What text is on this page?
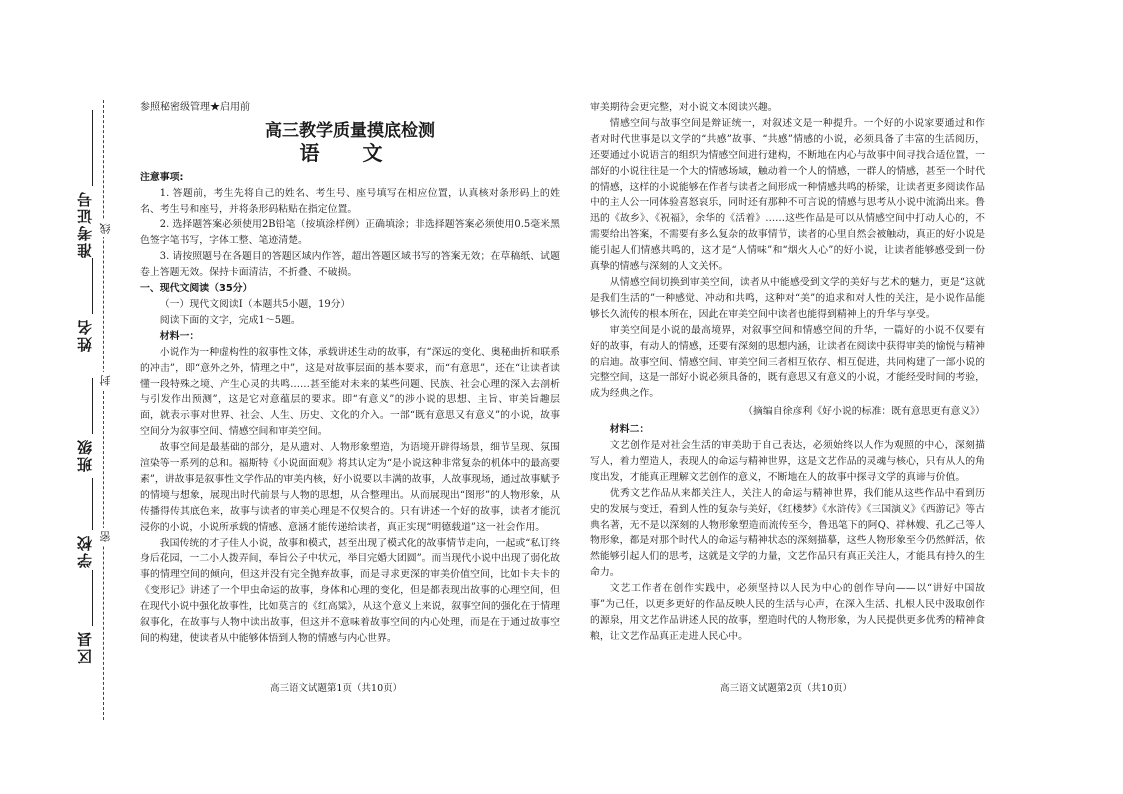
准考证号
姓名
班级
学校
区县
线
封
密
参照秘密级管理★启用前
高三教学质量摸底检测
语 文
注意事项:

1. 答题前，考生先将自己的姓名、考生号、座号填写在相应位置，认真核对条形码上的姓名、考生号和座号，并将条形码粘贴在指定位置。

2. 选择题答案必须使用2B铅笔（按填涂样例）正确填涂；非选择题答案必须使用0.5毫米黑色签字笔书写，字体工整、笔迹清楚。

3. 请按照题号在各题目的答题区域内作答，超出答题区域书写的答案无效；在草稿纸、试题卷上答题无效。保持卡面清洁，不折叠、不破损。

一、现代文阅读（35分）

（一）现代文阅读Ⅰ（本题共5小题，19分）

阅读下面的文字，完成1～5题。

材料一：

小说作为一种虚构性的叙事性文体，承载讲述生动的故事，有“深远的变化、奥秘曲折和联系的冲击”，即“意外之外，情理之中”，这是对故事层面的基本要求，而“有意思”，还在“让读者读懂一段特殊之境、产生心灵的共鸣……甚至能对未来的某些问题、民族、社会心理的深入去剖析与引发作出预测”，这是它对意蕴层的要求。即“有意义”的涉小说的思想、主旨、审美旨趣层面，就表示事对世界、社会、人生、历史、文化的介入。一部“既有意思又有意义”的小说，故事空间分为叙事空间、情感空间和审美空间。

故事空间是最基础的部分，是从遗对、人物形象塑造，为语境开辟得场景，细节呈现、氛围渲染等一系列的总和。福斯特《小说面面观》将其认定为“是小说这种非常复杂的机体中的最高要素”，讲故事是叙事性文学作品的审美内核，好小说要以丰满的故事，人故事现场，通过故事赋予的情境与想象，展现出时代前景与人物的思想，从合整理出。从而展现出“图形”的人物形象，从传播得传其底色来，故事与读者的审美心理是不仅契合的。只有讲述一个好的故事，读者才能沉浸你的小说，小说所承载的情感、意涵才能传递给读者，真正实现“明德载道”这一社会作用。

我国传统的才子佳人小说，故事和模式，甚至出现了模式化的故事情节走向，一起或“私订终身后花园，一二小人拨弄间，奉旨公子中状元，举目完婚大团圆”。而当现代小说中出现了弱化故事的情理空间的倾向，但这并没有完全抛弃故事，而是寻求更深的审美价值空间，比如卡夫卡的《变形记》讲述了一个甲虫命运的故事，身体和心理的变化，但是都表现出故事的心理空间，但在现代小说中强化故事性，比如莫言的《红高粱》，从这个意义上来说，叙事空间的强化在于情理叙事化，在故事与人物中读出故事，但这并不意味着故事空间的内心处理，而是在于通过故事空间的构建，使读者从中能够体悟到人物的情感与内心世界。

高三语文试题第1页（共10页）

审美期待会更完整，对小说文本阅读兴趣。

情感空间与故事空间是辩证统一，对叙述文是一种提升。一个好的小说家要通过和作者对时代世事是以文学的“共感”故事、“共感”情感的小说，必须具备了丰富的生活阅历，还要通过小说语言的组织为情感空间进行建构，不断地在内心与故事中间寻找合适位置，一部好的小说往往是一个大的情感场域，触动着一个人的情感，一群人的情感，甚至一个时代的情感，这样的小说能够在作者与读者之间形成一种情感共鸣的桥梁，让读者更多阅读作品中的主人公一同体验喜怒哀乐，同时还有那种不可言说的情感与思考从小说中流淌出来。鲁迅的《故乡》、《祝福》，余华的《活着》……这些作品是可以从情感空间中打动人心的，不需要给出答案，不需要有多么复杂的故事情节，读者的心里自然会被触动，真正的好小说是能引起人们情感共鸣的，这才是“人情味”和“烟火人心”的好小说，让读者能够感受到一份真挚的情感与深刻的人文关怀。

从情感空间切换到审美空间，读者从中能感受到文学的美好与艺术的魅力，更是“这就是我们生活的”一种感觉、冲动和共鸣，这种对“美”的追求和对人性的关注，是小说作品能够长久流传的根本所在，因此在审美空间中读者也能得到精神上的升华与享受。

审美空间是小说的最高境界，对叙事空间和情感空间的升华，一篇好的小说不仅要有好的故事，有动人的情感，还要有深刻的思想内涵，让读者在阅读中获得审美的愉悦与精神的启迪。故事空间、情感空间、审美空间三者相互依存、相互促进，共同构建了一部小说的完整空间，这是一部好小说必须具备的，既有意思又有意义的小说，才能经受时间的考验，成为经典之作。

（摘编自徐彦利《好小说的标准：既有意思更有意义》）

材料二：

文艺创作是对社会生活的审美助于自己表达，必须始终以人作为观照的中心，深刻描写人，着力塑造人，表现人的命运与精神世界，这是文艺作品的灵魂与核心，只有从人的角度出发，才能真正理解文艺创作的意义，不断地在人的故事中探寻文学的真谛与价值。

优秀文艺作品从来都关注人，关注人的命运与精神世界，我们能从这些作品中看到历史的发展与变迁，看到人性的复杂与美好，《红楼梦》《水浒传》《三国演义》《西游记》等古典名著，无不是以深刻的人物形象塑造而流传至今，鲁迅笔下的阿Q、祥林嫂、孔乙己等人物形象，都是对那个时代人的命运与精神状态的深刻描摹，这些人物形象至今仍然鲜活，依然能够引起人们的思考，这就是文学的力量，文艺作品只有真正关注人，才能具有持久的生命力。

文艺工作者在创作实践中，必须坚持以人民为中心的创作导向——以“讲好中国故事”为己任，以更多更好的作品反映人民的生活与心声，在深入生活、扎根人民中汲取创作的源泉，用文艺作品讲述人民的故事，塑造时代的人物形象，为人民提供更多优秀的精神食粮，让文艺作品真正走进人民心中。

高三语文试题第2页（共10页）
